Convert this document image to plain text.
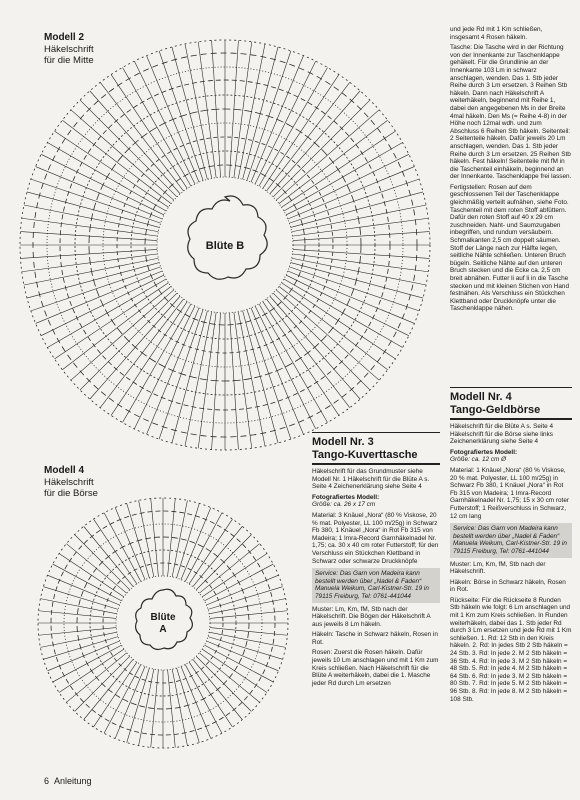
Modell 2
Häkelschrift
für die Mitte
Blüte B
Modell 4
Häkelschrift
für die Börse
Blüte
A

und jede Rd mit 1 Km schließen, insgesamt 4 Rosen häkeln.

Tasche: Die Tasche wird in der Richtung von der Innenkante zur Taschenklappe gehäkelt. Für die Grundlinie an der Innenkante 103 Lm in schwarz anschlagen, wenden. Das 1. Stb jeder Reihe durch 3 Lm ersetzen. 3 Reihen Stb häkeln. Dann nach Häkelschrift A weiterhäkeln, beginnend mit Reihe 1, dabei den angegebenen Ms in der Breite 4mal häkeln. Den Ms (= Reihe 4-8) in der Höhe noch 12mal wdh. und zum Abschluss 6 Reihen Stb häkeln. Seitenteil: 2 Seitenteile häkeln. Dafür jeweils 20 Lm anschlagen, wenden. Das 1. Stb jeder Reihe durch 3 Lm ersetzen. 25 Reihen Stb häkeln. Fest häkeln! Seitenteile mit fM in die Taschenteil einhäkeln, beginnend an der Innenkante. Taschenklappe frei lassen.

Fertigstellen: Rosen auf dem geschlossenen Teil der Taschenklappe gleichmäßig verteilt aufnähen, siehe Foto. Taschenteil mit dem roten Stoff abfüttern. Dafür den roten Stoff auf 40 x 29 cm zuschneiden. Naht- und Saumzugaben inbegriffen, und rundum versäubern. Schmalkanten 2,5 cm doppelt säumen. Stoff der Länge nach zur Hälfte legen, seitliche Nähte schließen. Unteren Bruch bügeln. Seitliche Nähte auf den unteren Bruch stecken und die Ecke ca. 2,5 cm breit abnähen. Futter li auf li in die Tasche stecken und mit kleinen Stichen von Hand festnähen. Als Verschluss ein Stückchen Klettband oder Druckknöpfe unter die Taschenklappe nähen.

Modell Nr. 4
Tango-Geldbörse

Häkelschrift für die Blüte A s. Seite 4 Häkelschrift für die Börse siehe links Zeichenerklärung siehe Seite 4

Fotografiertes Modell:

Größe: ca. 12 cm Ø

Material: 1 Knäuel „Nora“ (80 % Viskose, 20 % mat. Polyester, LL 100 m/25g) in Schwarz Fb 380, 1 Knäuel „Nora“ in Rot Fb 315 von Madeira; 1 Imra-Record Garnhäkelnadel Nr. 1,75; 15 x 30 cm roter Futterstoff; 1 Reißverschluss in Schwarz, 12 cm lang

Service: Das Garn von Madeira kann bestellt werden über „Nadel & Faden“ Manuela Weikum, Carl-Kistner-Str. 19 in 79115 Freiburg, Tel: 0761-441044

Muster: Lm, Km, fM, Stb nach der Häkelschrift.

Häkeln: Börse in Schwarz häkeln, Rosen in Rot.

Rückseite: Für die Rückseite 8 Runden Stb häkeln wie folgt: 6 Lm anschlagen und mit 1 Km zum Kreis schließen. In Runden weiterhäkeln, dabei das 1. Stb jeder Rd durch 3 Lm ersetzen und jede Rd mit 1 Km schließen. 1. Rd: 12 Stb in den Kreis häkeln. 2. Rd: In jedes Stb 2 Stb häkeln = 24 Stb. 3. Rd: In jede 2. M 2 Stb häkeln = 36 Stb. 4. Rd: In jede 3. M 2 Stb häkeln = 48 Stb. 5. Rd: In jede 4. M 2 Stb häkeln = 64 Stb. 6. Rd: In jede 3. M 2 Stb häkeln = 80 Stb. 7. Rd: In jede 5. M 2 Stb häkeln = 96 Stb. 8. Rd: In jede 8. M 2 Stb häkeln = 108 Stb.

Modell Nr. 3
Tango-Kuverttasche

Häkelschrift für das Grundmuster siehe Modell Nr. 1 Häkelschrift für die Blüte A s. Seite 4 Zeichenerklärung siehe Seite 4

Fotografiertes Modell:

Größe: ca. 26 x 17 cm

Material: 3 Knäuel „Nora“ (80 % Viskose, 20 % mat. Polyester, LL 100 m/25g) in Schwarz Fb 380, 1 Knäuel „Nora“ in Rot Fb 315 von Madeira; 1 Imra-Record Garnhäkelnadel Nr. 1,75; ca. 30 x 40 cm roter Futterstoff; für den Verschluss ein Stückchen Klettband in Schwarz oder schwarze Druckknöpfe

Service: Das Garn von Madeira kann bestellt werden über „Nadel & Faden“ Manuela Weikum, Carl-Kistner-Str. 19 in 79115 Freiburg, Tel: 0761-441044

Muster: Lm, Km, fM, Stb nach der Häkelschrift. Die Bögen der Häkelschrift A aus jeweils 8 Lm häkeln.

Häkeln: Tasche in Schwarz häkeln, Rosen in Rot.

Rosen: Zuerst die Rosen häkeln. Dafür jeweils 10 Lm anschlagen und mit 1 Km zum Kreis schließen. Nach Häkelschrift für die Blüte A weiterhäkeln, dabei die 1. Masche jeder Rd durch Lm ersetzen

6 Anleitung
